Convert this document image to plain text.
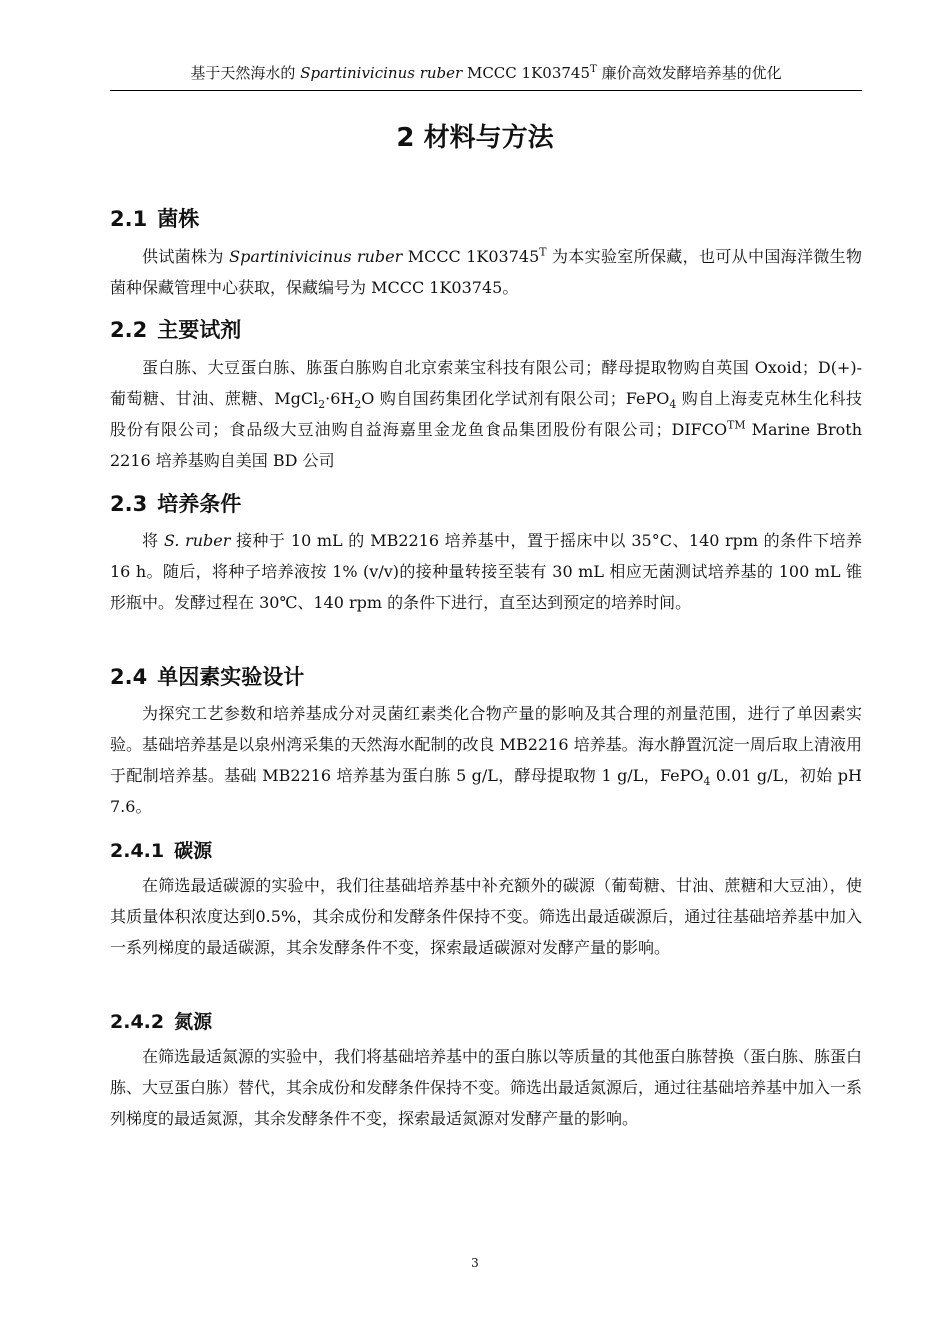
基于天然海水的 Spartinivicinus ruber MCCC $1K03745^T$ 廉价高效发酵培养基的优化
2 材料与方法
2.1 菌株

供试菌株为 Spartinivicinus ruber MCCC $1K03745^T$ 为本实验室所保藏，也可从中国海洋微生物菌种保藏管理中心获取，保藏编号为 MCCC 1K03745。

2.2 主要试剂

蛋白胨、大豆蛋白胨、胨蛋白胨购自北京索莱宝科技有限公司；酵母提取物购自英国 Oxoid；D(+)-葡萄糖、甘油、蔗糖、$MgCl_2\cdot 6H_2O$ 购自国药集团化学试剂有限公司；FePO$_4$ 购自上海麦克林生化科技股份有限公司；食品级大豆油购自益海嘉里金龙鱼食品集团股份有限公司；DIFCO™ Marine Broth 2216 培养基购自美国 BD 公司

2.3 培养条件

将 S. ruber 接种于 10 mL 的 MB2216 培养基中，置于摇床中以 35°C、140 rpm 的条件下培养 16 h。随后，将种子培养液按 1% (v/v)的接种量转接至装有 30 mL 相应无菌测试培养基的 100 mL 锥形瓶中。发酵过程在 30℃、140 rpm 的条件下进行，直至达到预定的培养时间。

2.4 单因素实验设计

为探究工艺参数和培养基成分对灵菌红素类化合物产量的影响及其合理的剂量范围，进行了单因素实验。基础培养基是以泉州湾采集的天然海水配制的改良 MB2216 培养基。海水静置沉淀一周后取上清液用于配制培养基。基础 MB2216 培养基为蛋白胨 5 g/L，酵母提取物 1 g/L，FePO$_4$ 0.01 g/L，初始 pH 7.6。

2.4.1 碳源

在筛选最适碳源的实验中，我们往基础培养基中补充额外的碳源（葡萄糖、甘油、蔗糖和大豆油），使其质量体积浓度达到0.5%，其余成份和发酵条件保持不变。筛选出最适碳源后，通过往基础培养基中加入一系列梯度的最适碳源，其余发酵条件不变，探索最适碳源对发酵产量的影响。

2.4.2 氮源

在筛选最适氮源的实验中，我们将基础培养基中的蛋白胨以等质量的其他蛋白胨替换（蛋白胨、胨蛋白胨、大豆蛋白胨）替代，其余成份和发酵条件保持不变。筛选出最适氮源后，通过往基础培养基中加入一系列梯度的最适氮源，其余发酵条件不变，探索最适氮源对发酵产量的影响。

3
